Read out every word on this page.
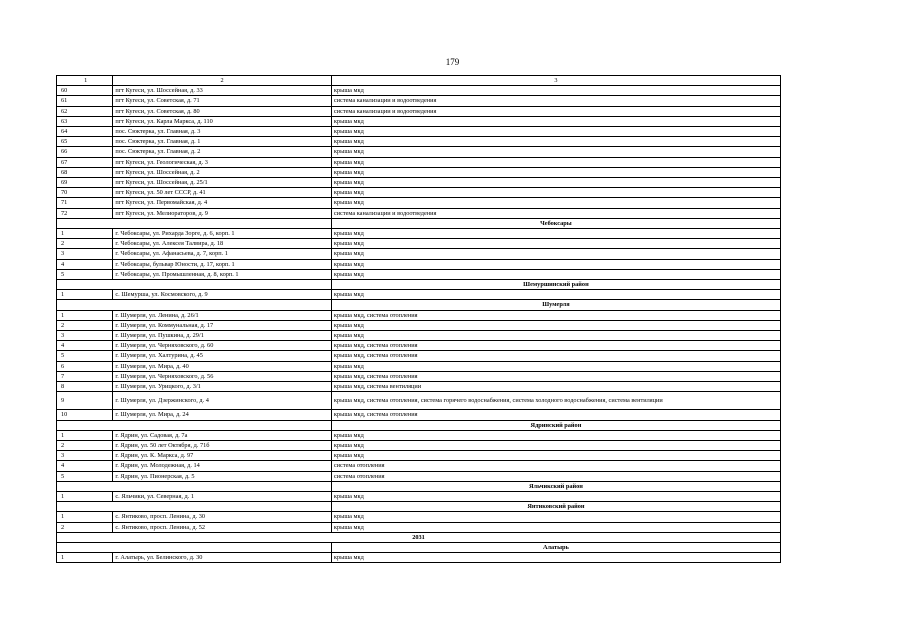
179
1	2	3
60	пгт Кугеси, ул. Шоссейная, д. 33	крыша мкд
61	пгт Кугеси, ул. Советская, д. 71	система канализации и водоотведения
62	пгт Кугеси, ул. Советская, д. 80	система канализации и водоотведения
63	пгт Кугеси, ул. Карла Маркса, д. 110	крыша мкд
64	пос. Сюктерка, ул. Главная, д. 3	крыша мкд
65	пос. Сюктерка, ул. Главная, д. 1	крыша мкд
66	пос. Сюктерка, ул. Главная, д. 2	крыша мкд
67	пгт Кугеси, ул. Геологическая, д. 3	крыша мкд
68	пгт Кугеси, ул. Шоссейная, д. 2	крыша мкд
69	пгт Кугеси, ул. Шоссейная, д. 25/1	крыша мкд
70	пгт Кугеси, ул. 50 лет СССР, д. 41	крыша мкд
71	пгт Кугеси, ул. Первомайская, д. 4	крыша мкд
72	пгт Кугеси, ул. Мелиораторов, д. 9	система канализации и водоотведения
		Чебоксары
1	г. Чебоксары, ул. Рихарда Зорге, д. 6, корп. 1	крыша мкд
2	г. Чебоксары, ул. Алексея Талвира, д. 18	крыша мкд
3	г. Чебоксары, ул. Афанасьева, д. 7, корп. 1	крыша мкд
4	г. Чебоксары, бульвар Юности, д. 17, корп. 1	крыша мкд
5	г. Чебоксары, ул. Промышленная, д. 8, корп. 1	крыша мкд
		Шемуршинский район
1	с. Шемурша, ул. Космовского, д. 9	крыша мкд
		Шумерля
1	г. Шумерля, ул. Ленина, д. 26/1	крыша мкд, система отопления
2	г. Шумерля, ул. Коммунальная, д. 17	крыша мкд
3	г. Шумерля, ул. Пушкина, д. 29/1	крыша мкд
4	г. Шумерля, ул. Черняховского, д. 60	крыша мкд, система отопления
5	г. Шумерля, ул. Халтурина, д. 45	крыша мкд, система отопления
6	г. Шумерля, ул. Мира, д. 40	крыша мкд
7	г. Шумерля, ул. Черняховского, д. 56	крыша мкд, система отопления
8	г. Шумерля, ул. Урицкого, д. 3/1	крыша мкд, система вентиляции
9	г. Шумерля, ул. Дзержинского, д. 4	крыша мкд, система отопления, система горячего водоснабжения, система холодного водоснабжения, система вентиляции
10	г. Шумерля, ул. Мира, д. 24	крыша мкд, система отопления
		Ядринский район
1	г. Ядрин, ул. Садовая, д. 7а	крыша мкд
2	г. Ядрин, ул. 50 лет Октября, д. 71б	крыша мкд
3	г. Ядрин, ул. К. Маркса, д. 97	крыша мкд
4	г. Ядрин, ул. Молодежная, д. 14	система отопления
5	г. Ядрин, ул. Пионерская, д. 5	система отопления
		Яльчикский район
1	с. Яльчики, ул. Северная, д. 1	крыша мкд
		Янтиковский район
1	с. Янтиково, просп. Ленина, д. 30	крыша мкд
2	с. Янтиково, просп. Ленина, д. 52	крыша мкд
2031		
		Алатырь
1	г. Алатырь, ул. Белинского, д. 30	крыша мкд
